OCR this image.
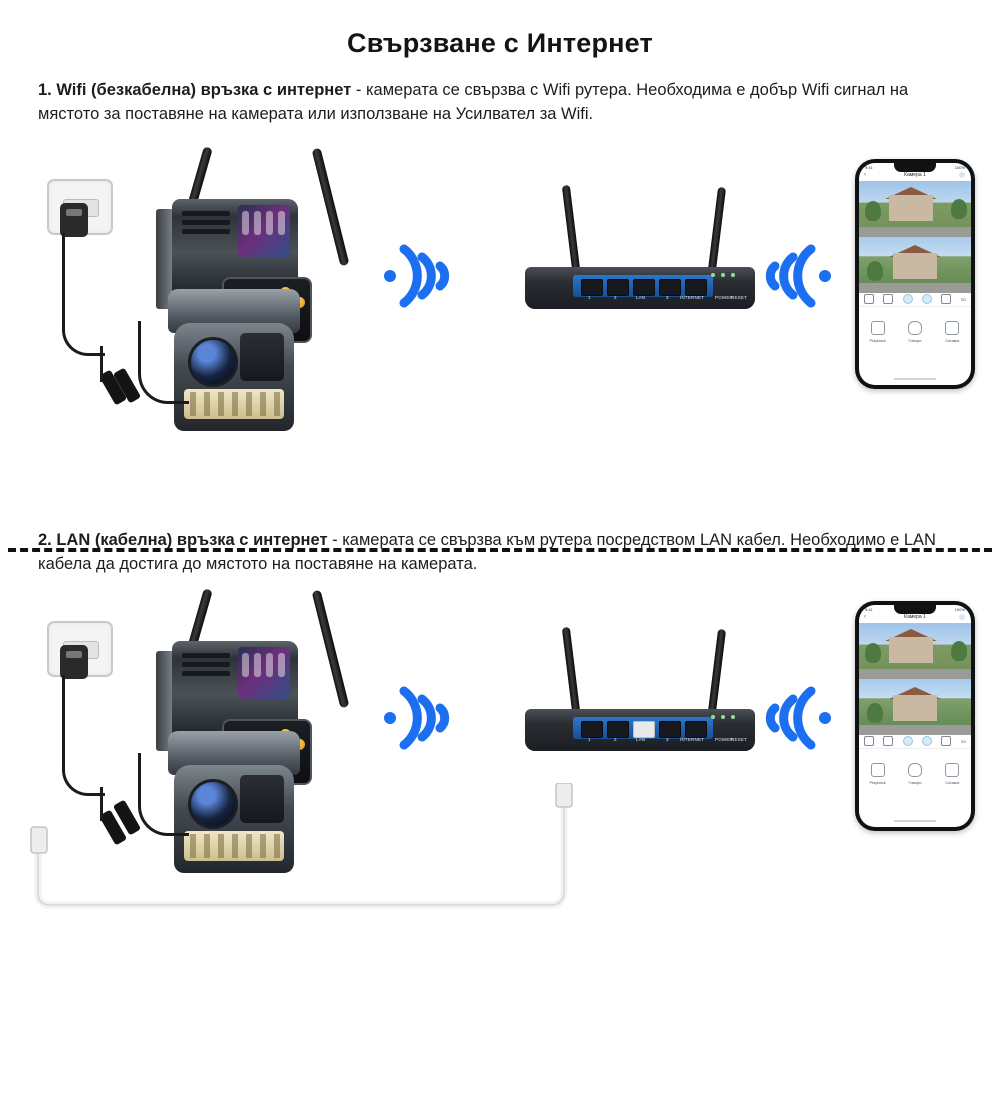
Свързване с Интернет
1. Wifi (безкабелна) връзка с интернет - камерата се свързва с Wifi рутера. Необходима е добър Wifi сигнал на мястото за поставяне на камерата или използване на Усилвател за Wifi.
1	2	LAN	3	INTERNET POWER
RESET
9:41	100%
‹	Камера 1
SD
Playback	Говори	Снимка
2. LAN (кабелна) връзка с интернет - камерата се свързва към рутера посредством LAN кабел. Необходимо е LAN кабела да достига до мястото на поставяне на камерата.
1	2	LAN	3	INTERNET POWER
RESET
9:41	100%
‹	Камера 1
SD
Playback	Говори	Снимка
